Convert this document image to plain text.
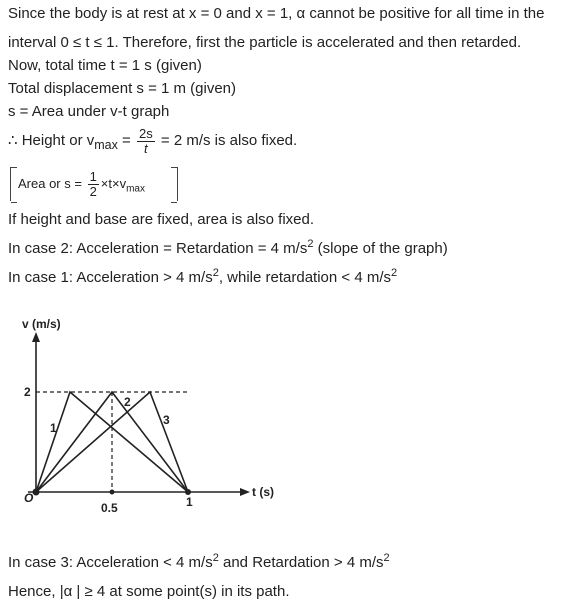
Since the body is at rest at x = 0 and x = 1, α cannot be positive for all time in the
interval 0 ≤ t ≤ 1. Therefore, first the particle is accelerated and then retarded.
Now, total time t = 1 s (given)
Total displacement s = 1 m (given)
s = Area under v-t graph
∴ Height or $v_{max} = \frac{2s}{t} = 2$ m/s is also fixed.
Area or $s = \frac{1}{2} \times t\times v_{max}$
If height and base are fixed, area is also fixed.
In case 2: Acceleration = Retardation = 4 $m/s^2$ (slope of the graph)
In case 1: Acceleration > 4 $m/s^2$, while retardation < 4 $m/s^2$
v (m/s)
t (s)
O
2
0.5	1
1
2
3
In case 3: Acceleration < 4 $m/s^2$ and Retardation > 4 $m/s^2$
Hence, |α | ≥ 4 at some point(s) in its path.
